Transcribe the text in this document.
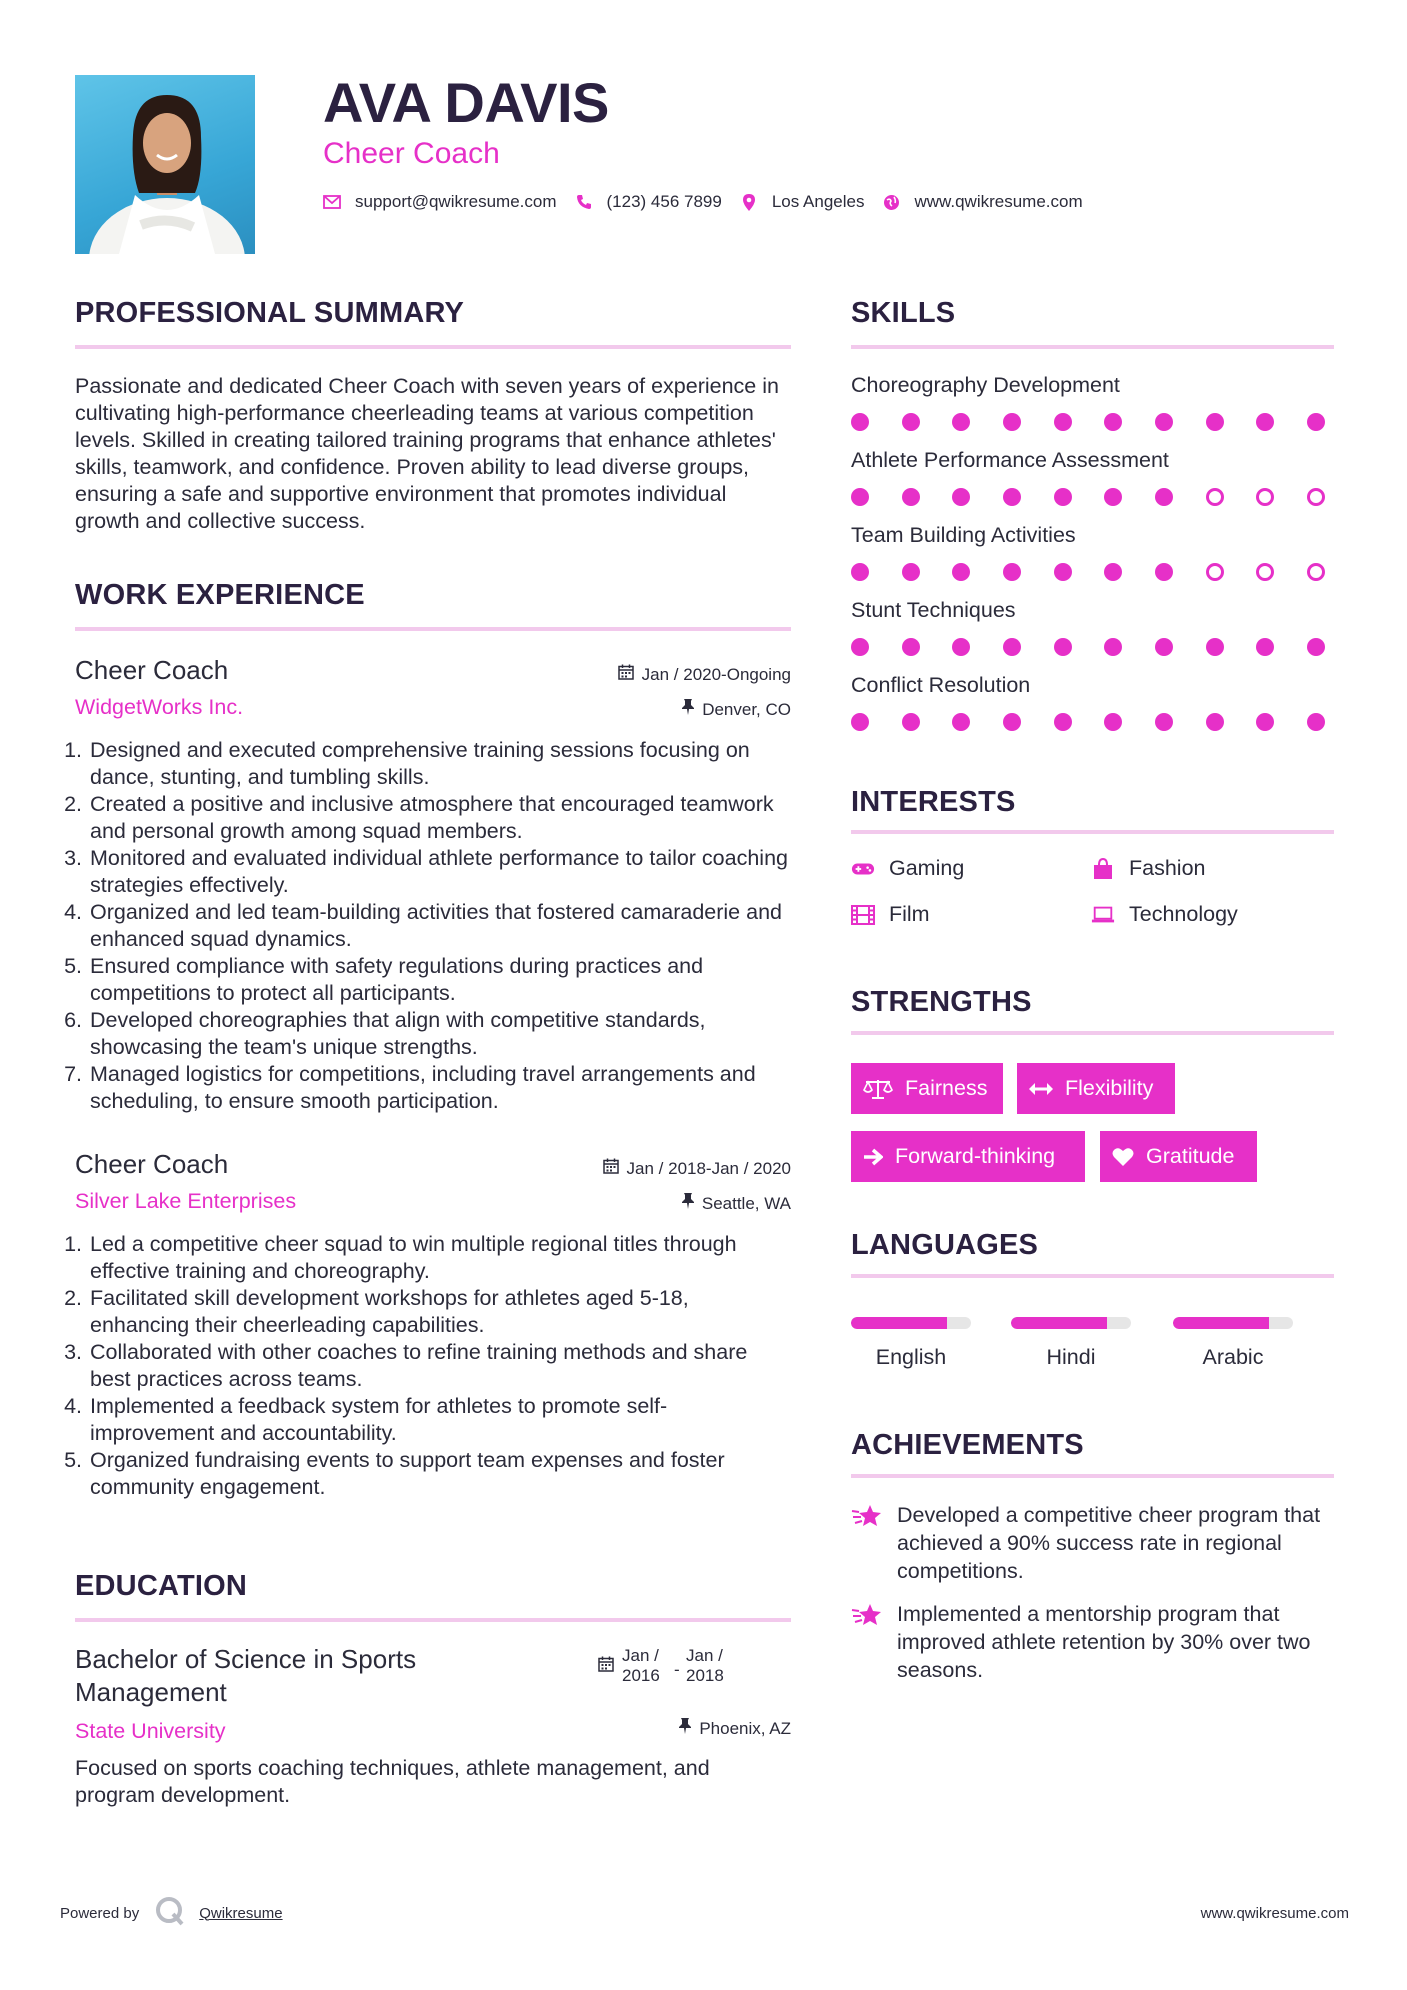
AVA DAVIS
Cheer Coach
support@qwikresume.com	(123) 456 7899	Los Angeles	www.qwikresume.com
PROFESSIONAL SUMMARY
Passionate and dedicated Cheer Coach with seven years of experience in cultivating high-performance cheerleading teams at various competition levels. Skilled in creating tailored training programs that enhance athletes' skills, teamwork, and confidence. Proven ability to lead diverse groups, ensuring a safe and supportive environment that promotes individual growth and collective success.
WORK EXPERIENCE
Cheer Coach	Jan / 2020-Ongoing
WidgetWorks Inc.	Denver, CO
1. Designed and executed comprehensive training sessions focusing on dance, stunting, and tumbling skills.
2. Created a positive and inclusive atmosphere that encouraged teamwork and personal growth among squad members.
3. Monitored and evaluated individual athlete performance to tailor coaching strategies effectively.
4. Organized and led team-building activities that fostered camaraderie and enhanced squad dynamics.
5. Ensured compliance with safety regulations during practices and competitions to protect all participants.
6. Developed choreographies that align with competitive standards, showcasing the team's unique strengths.
7. Managed logistics for competitions, including travel arrangements and scheduling, to ensure smooth participation.
Cheer Coach	Jan / 2018-Jan / 2020
Silver Lake Enterprises	Seattle, WA
1. Led a competitive cheer squad to win multiple regional titles through effective training and choreography.
2. Facilitated skill development workshops for athletes aged 5-18, enhancing their cheerleading capabilities.
3. Collaborated with other coaches to refine training methods and share best practices across teams.
4. Implemented a feedback system for athletes to promote self-improvement and accountability.
5. Organized fundraising events to support team expenses and foster community engagement.
EDUCATION
Bachelor of Science in Sports Management
Jan / 2016 -
Jan / 2018
State University	Phoenix, AZ
Focused on sports coaching techniques, athlete management, and program development.
SKILLS
Choreography Development
Athlete Performance Assessment
Team Building Activities
Stunt Techniques
Conflict Resolution
INTERESTS
Gaming	Fashion
Film	Technology
STRENGTHS
Fairness	Flexibility
Forward-thinking	Gratitude
LANGUAGES
English	Hindi	Arabic
ACHIEVEMENTS
Developed a competitive cheer program that achieved a 90% success rate in regional competitions.
Implemented a mentorship program that improved athlete retention by 30% over two seasons.
Powered by	Qwikresume	www.qwikresume.com
